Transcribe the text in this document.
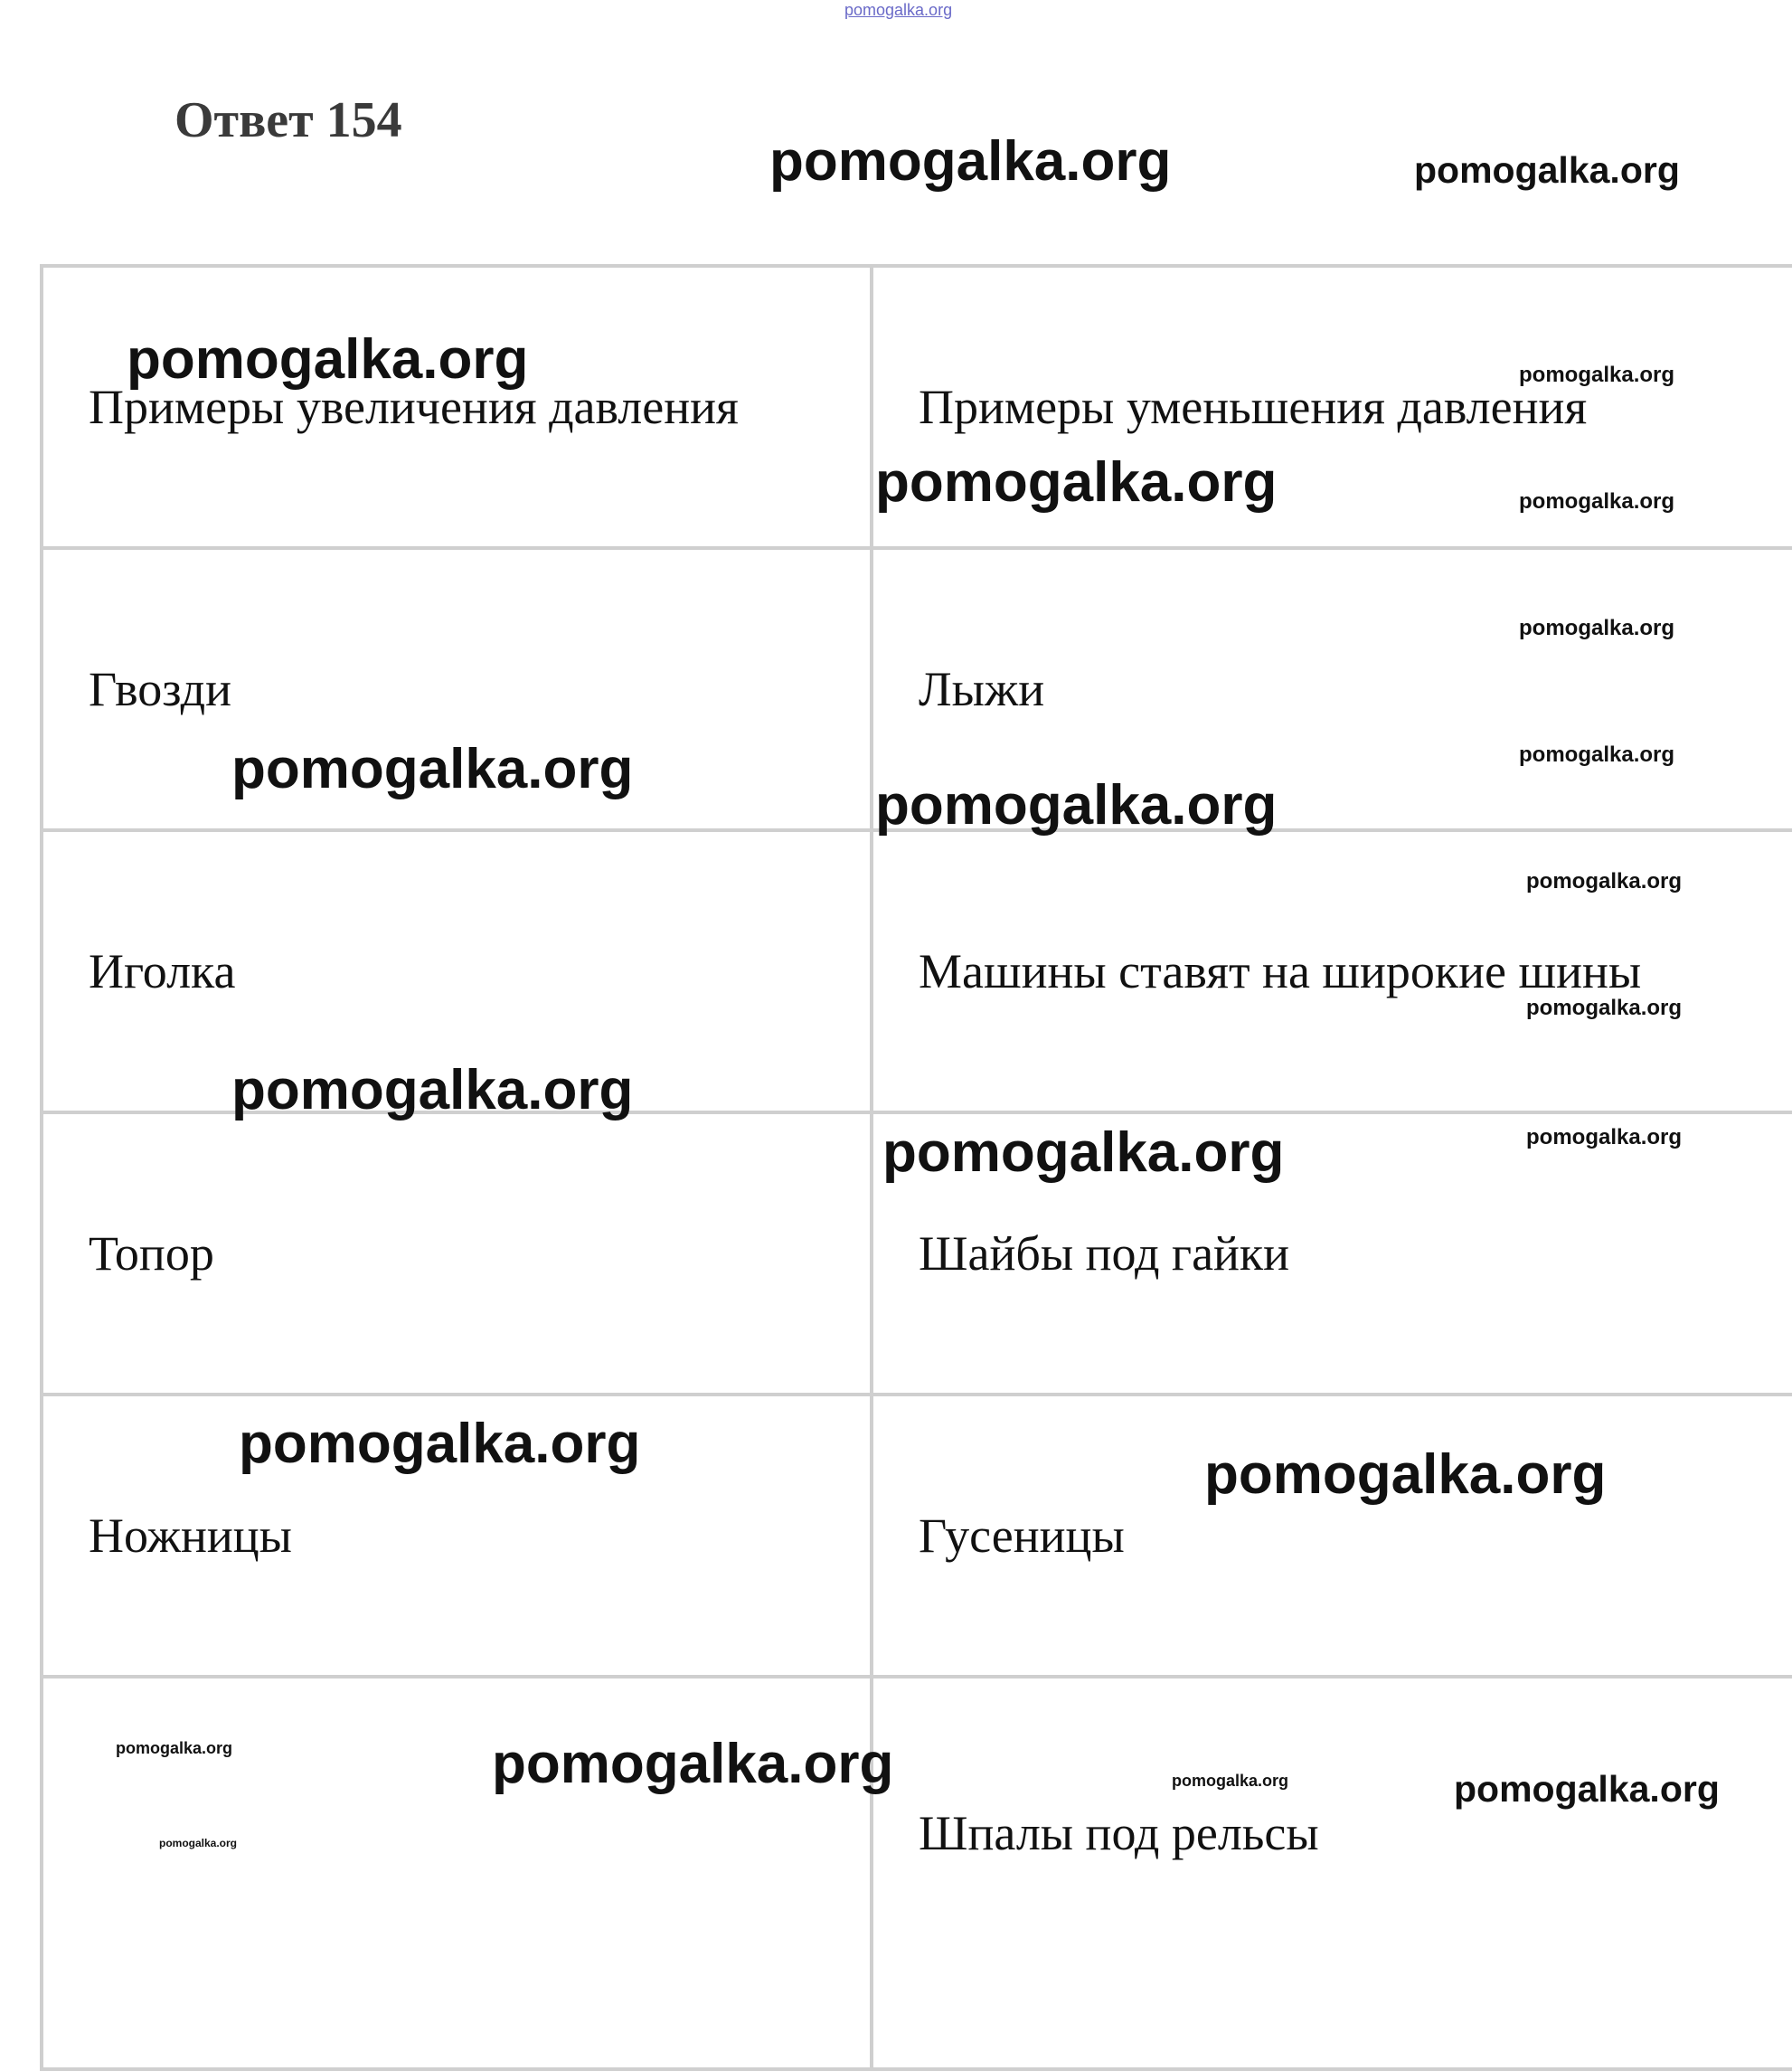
pomogalka.org
Ответ 154
pomogalka.org	pomogalka.org
Примеры увеличения давления	Примеры уменьшения давления
Гвозди	Лыжи
Иголка	Машины ставят на широкие шины
Топор	Шайбы под гайки
Ножницы	Гусеницы
	Шпалы под рельсы
pomogalka.org	pomogalka.org
pomogalka.org	pomogalka.org
pomogalka.org
pomogalka.org	pomogalka.org
pomogalka.org
pomogalka.org
pomogalka.org
pomogalka.org
pomogalka.org	pomogalka.org
pomogalka.org	pomogalka.org
pomogalka.org	pomogalka.org	pomogalka.org	pomogalka.org
pomogalka.org
